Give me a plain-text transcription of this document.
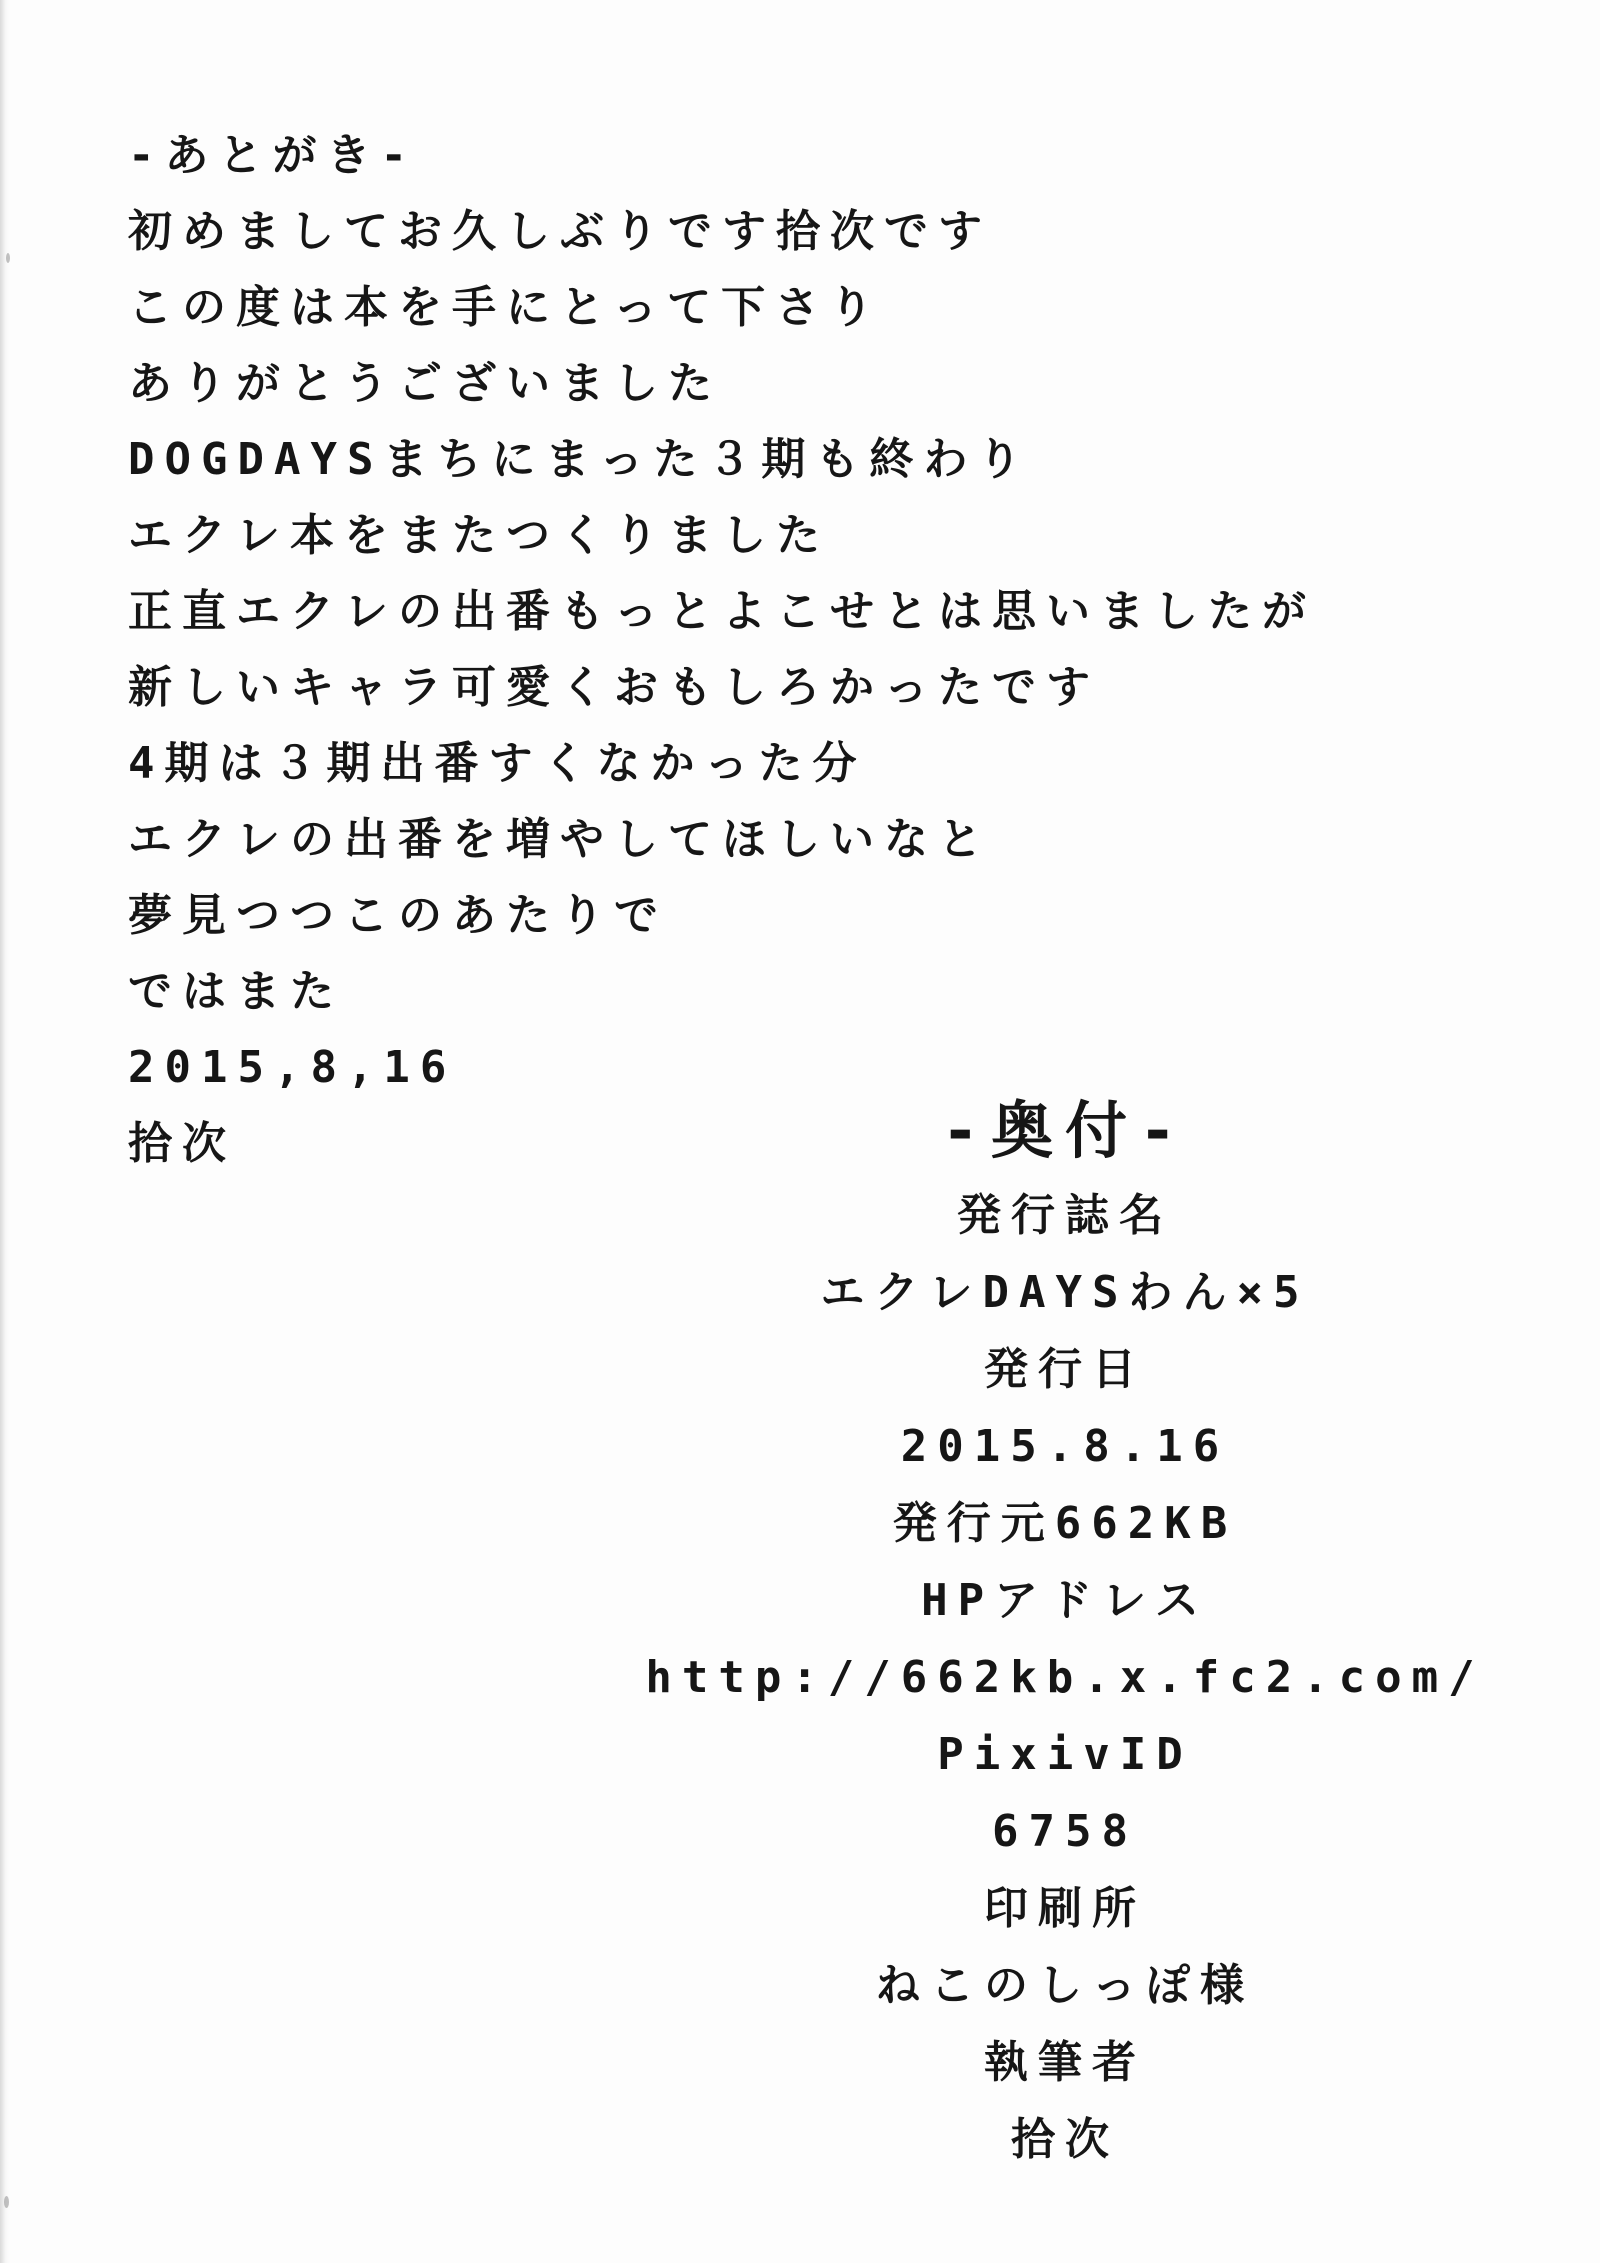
-あとがき-
初めましてお久しぶりです拾次です
この度は本を手にとって下さり
ありがとうございました
DOGDAYSまちにまった３期も終わり
エクレ本をまたつくりました
正直エクレの出番もっとよこせとは思いましたが
新しいキャラ可愛くおもしろかったです
4期は３期出番すくなかった分
エクレの出番を増やしてほしいなと
夢見つつこのあたりで
ではまた
2015,8,16
拾次	-奥付-
発行誌名
エクレDAYSわん×5
発行日
2015.8.16
発行元662KB
HPアドレス
http://662kb.x.fc2.com/
PixivID
6758
印刷所
ねこのしっぽ様
執筆者
拾次
